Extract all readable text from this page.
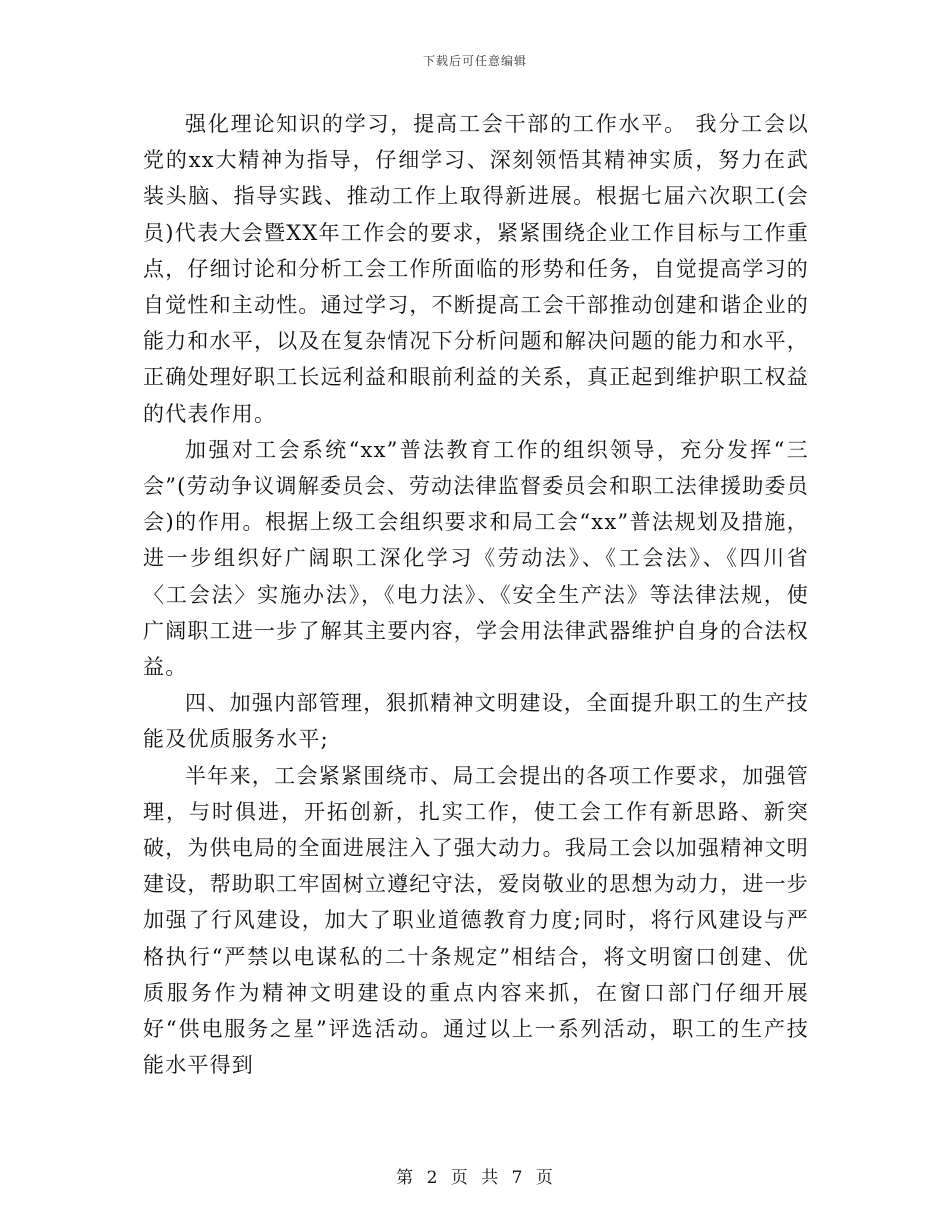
下载后可任意编辑

强化理论知识的学习，提高工会干部的工作水平。 我分工会以党的xx大精神为指导，仔细学习、深刻领悟其精神实质，努力在武装头脑、指导实践、推动工作上取得新进展。根据七届六次职工(会员)代表大会暨XX年工作会的要求，紧紧围绕企业工作目标与工作重点，仔细讨论和分析工会工作所面临的形势和任务，自觉提高学习的自觉性和主动性。通过学习，不断提高工会干部推动创建和谐企业的能力和水平，以及在复杂情况下分析问题和解决问题的能力和水平，正确处理好职工长远利益和眼前利益的关系，真正起到维护职工权益的代表作用。

加强对工会系统“xx”普法教育工作的组织领导，充分发挥“三会”(劳动争议调解委员会、劳动法律监督委员会和职工法律援助委员会)的作用。根据上级工会组织要求和局工会“xx”普法规划及措施，进一步组织好广阔职工深化学习《劳动法》、《工会法》、《四川省〈工会法〉实施办法》，《电力法》、《安全生产法》等法律法规，使广阔职工进一步了解其主要内容，学会用法律武器维护自身的合法权益。

四、加强内部管理，狠抓精神文明建设，全面提升职工的生产技能及优质服务水平;

半年来，工会紧紧围绕市、局工会提出的各项工作要求，加强管理，与时俱进，开拓创新，扎实工作，使工会工作有新思路、新突破，为供电局的全面进展注入了强大动力。我局工会以加强精神文明建设，帮助职工牢固树立遵纪守法，爱岗敬业的思想为动力，进一步加强了行风建设，加大了职业道德教育力度;同时，将行风建设与严格执行“严禁以电谋私的二十条规定”相结合，将文明窗口创建、优质服务作为精神文明建设的重点内容来抓，在窗口部门仔细开展好“供电服务之星”评选活动。通过以上一系列活动，职工的生产技能水平得到

第 2 页 共 7 页
